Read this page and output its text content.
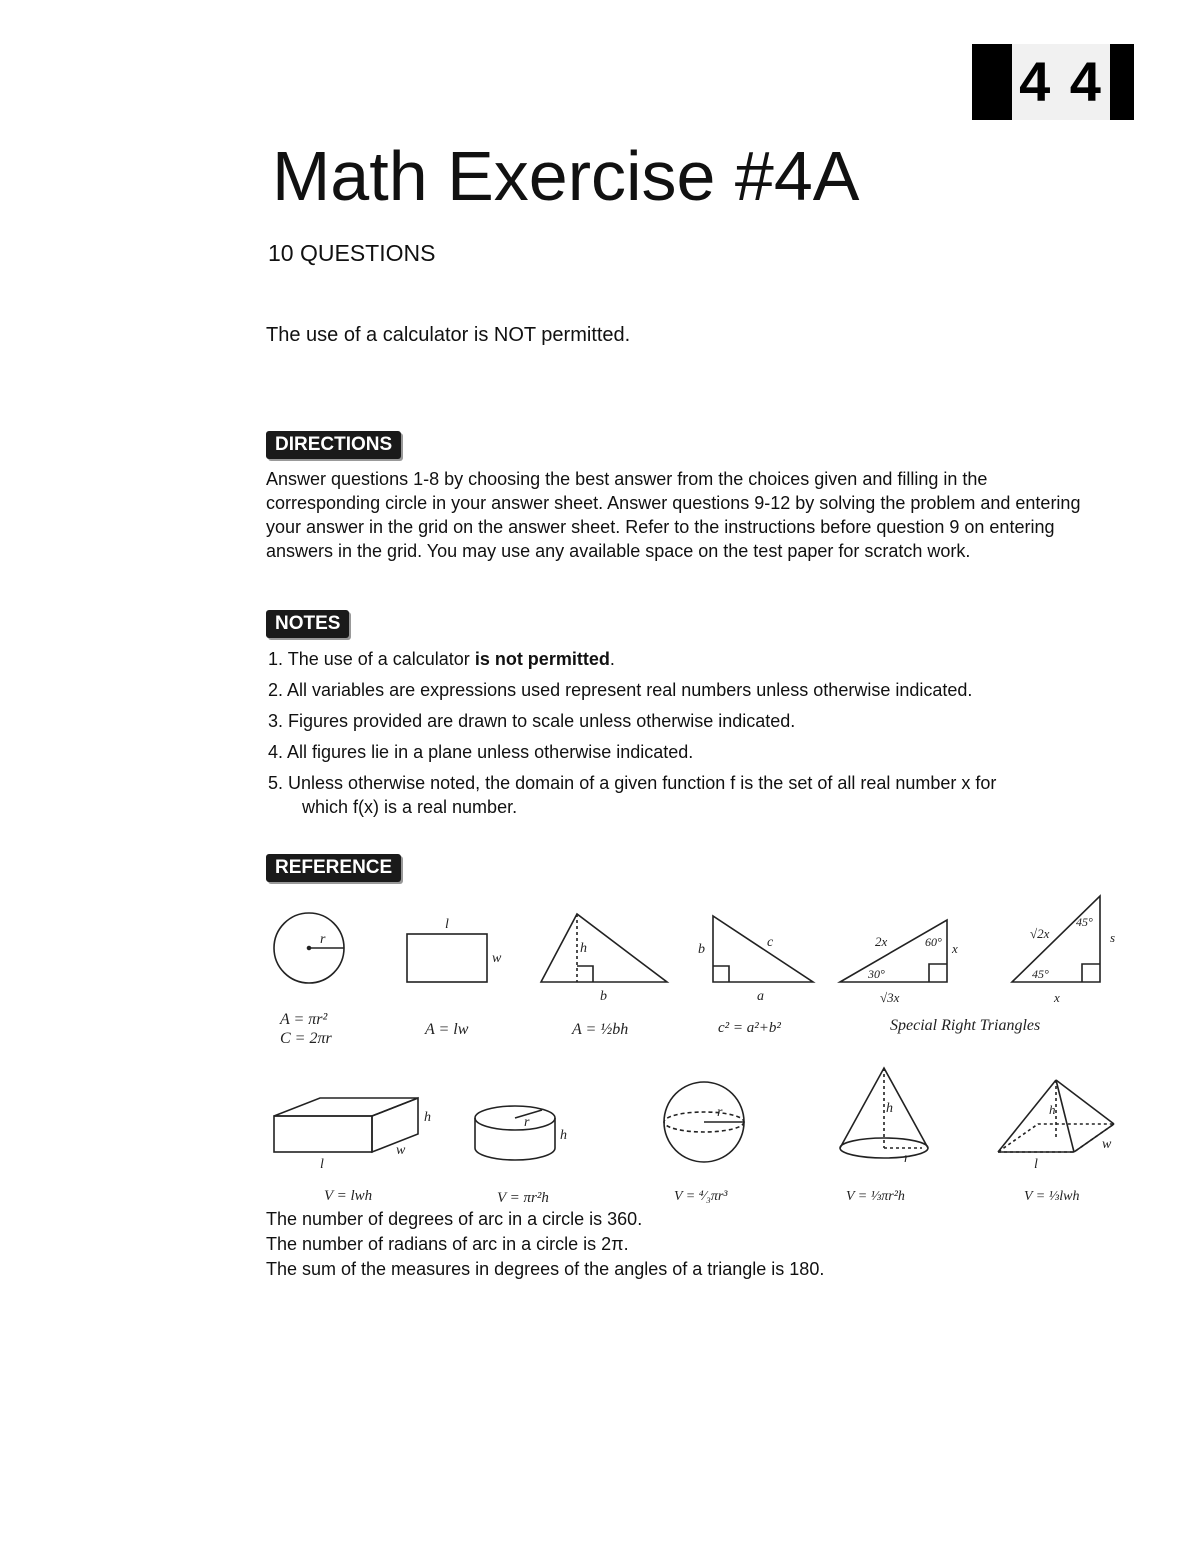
4 4
Math Exercise #4A
10 QUESTIONS
The use of a calculator is NOT permitted.
DIRECTIONS

Answer questions 1-8 by choosing the best answer from the choices given and filling in the corresponding circle in your answer sheet. Answer questions 9-12 by solving the problem and entering your answer in the grid on the answer sheet. Refer to the instructions before question 9 on entering answers in the grid. You may use any available space on the test paper for scratch work.

NOTES
1. The use of a calculator is not permitted.
2. All variables are expressions used represent real numbers unless otherwise indicated.
3. Figures provided are drawn to scale unless otherwise indicated.
4. All figures lie in a plane unless otherwise indicated.
5. Unless otherwise noted, the domain of a given function f is the set of all real number x for
which f(x) is a real number.
REFERENCE
r
A = πr²
C = 2πr
l
w
A = lw
h
b
A = ½bh
b	c
a
c² = a²+b²
2x	60° x
30°
√3x
√2x
45°
s
45°
x
Special Right Triangles
h
l
w
V = lwh
r
h
V = πr²h
r
V = ⁴⁄₃πr³
h
r
V = ⅓πr²h
h
l
w
V = ⅓lwh
The number of degrees of arc in a circle is 360.
The number of radians of arc in a circle is 2π.
The sum of the measures in degrees of the angles of a triangle is 180.
